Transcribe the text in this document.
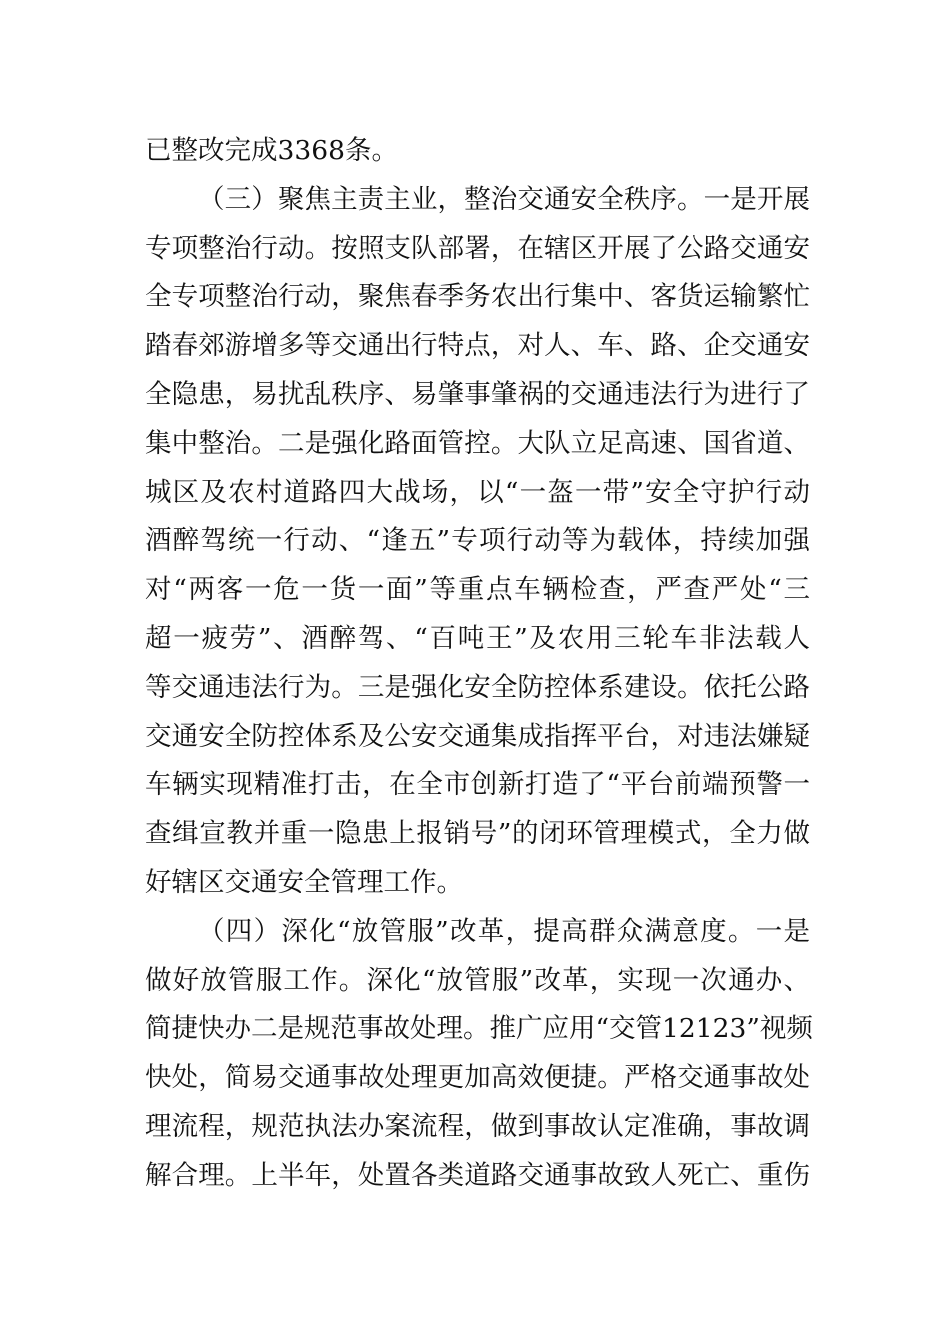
已整改完成3368条。
（三）聚焦主责主业，整治交通安全秩序。一是开展
专项整治行动。按照支队部署，在辖区开展了公路交通安
全专项整治行动，聚焦春季务农出行集中、客货运输繁忙
踏春郊游增多等交通出行特点，对人、车、路、企交通安
全隐患，易扰乱秩序、易肇事肇祸的交通违法行为进行了
集中整治。二是强化路面管控。大队立足高速、国省道、
城区及农村道路四大战场，以“一盔一带”安全守护行动
酒醉驾统一行动、“逢五”专项行动等为载体，持续加强
对“两客一危一货一面”等重点车辆检查，严查严处“三
超一疲劳”、酒醉驾、“百吨王”及农用三轮车非法载人
等交通违法行为。三是强化安全防控体系建设。依托公路
交通安全防控体系及公安交通集成指挥平台，对违法嫌疑
车辆实现精准打击，在全市创新打造了“平台前端预警一
查缉宣教并重一隐患上报销号”的闭环管理模式，全力做
好辖区交通安全管理工作。
（四）深化“放管服”改革，提高群众满意度。一是
做好放管服工作。深化“放管服”改革，实现一次通办、
简捷快办二是规范事故处理。推广应用“交管12123”视频
快处，简易交通事故处理更加高效便捷。严格交通事故处
理流程，规范执法办案流程，做到事故认定准确，事故调
解合理。上半年，处置各类道路交通事故致人死亡、重伤
